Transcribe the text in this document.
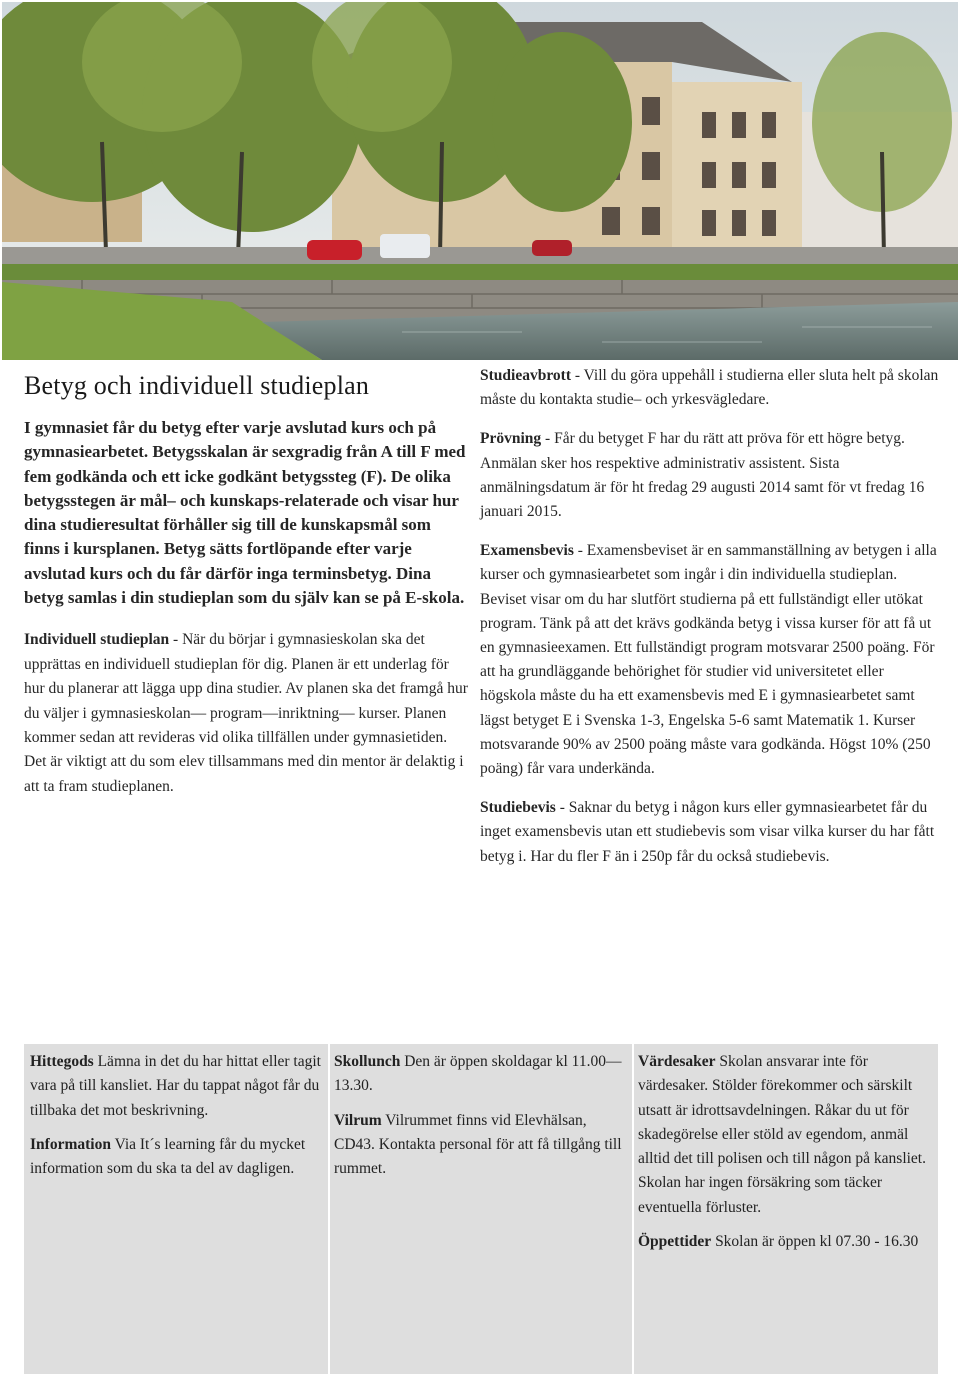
Betyg och individuell studieplan

I gymnasiet får du betyg efter varje avslutad kurs och på gymnasiearbetet. Betygsskalan är sexgradig från A till F med fem godkända och ett icke godkänt betygssteg (F). De olika betygsstegen är mål– och kunskaps-relaterade och visar hur dina studieresultat förhåller sig till de kunskapsmål som finns i kursplanen. Betyg sätts fortlöpande efter varje avslutad kurs och du får därför inga terminsbetyg. Dina betyg samlas i din studieplan som du själv kan se på E-skola.

Individuell studieplan - När du börjar i gymnasieskolan ska det upprättas en individuell studieplan för dig. Planen är ett underlag för hur du planerar att lägga upp dina studier. Av planen ska det framgå hur du väljer i gymnasieskolan— program—inriktning— kurser. Planen kommer sedan att revideras vid olika tillfällen under gymnasietiden. Det är viktigt att du som elev tillsammans med din mentor är delaktig i att ta fram studieplanen.

Studieavbrott - Vill du göra uppehåll i studierna eller sluta helt på skolan måste du kontakta studie– och yrkesvägledare.

Prövning - Får du betyget F har du rätt att pröva för ett högre betyg. Anmälan sker hos respektive administrativ assistent. Sista anmälningsdatum är för ht fredag 29 augusti 2014 samt för vt fredag 16 januari 2015.

Examensbevis - Examensbeviset är en sammanställning av betygen i alla kurser och gymnasiearbetet som ingår i din individuella studieplan. Beviset visar om du har slutfört studierna på ett fullständigt eller utökat program. Tänk på att det krävs godkända betyg i vissa kurser för att få ut en gymnasieexamen. Ett fullständigt program motsvarar 2500 poäng. För att ha grundläggande behörighet för studier vid universitetet eller högskola måste du ha ett examensbevis med E i gymnasiearbetet samt lägst betyget E i Svenska 1-3, Engelska 5-6 samt Matematik 1. Kurser motsvarande 90% av 2500 poäng måste vara godkända. Högst 10% (250 poäng) får vara underkända.

Studiebevis - Saknar du betyg i någon kurs eller gymnasiearbetet får du inget examensbevis utan ett studiebevis som visar vilka kurser du har fått betyg i. Har du fler F än i 250p får du också studiebevis.

Hittegods Lämna in det du har hittat eller tagit vara på till kansliet. Har du tappat något får du tillbaka det mot beskrivning.

Information Via It´s learning får du mycket information som du ska ta del av dagligen.

Skollunch Den är öppen skoldagar kl 11.00—13.30.

Vilrum Vilrummet finns vid Elevhälsan, CD43. Kontakta personal för att få tillgång till rummet.

Värdesaker Skolan ansvarar inte för värdesaker. Stölder förekommer och särskilt utsatt är idrottsavdelningen. Råkar du ut för skadegörelse eller stöld av egendom, anmäl alltid det till polisen och till någon på kansliet. Skolan har ingen försäkring som täcker eventuella förluster.

Öppettider Skolan är öppen kl 07.30 - 16.30
